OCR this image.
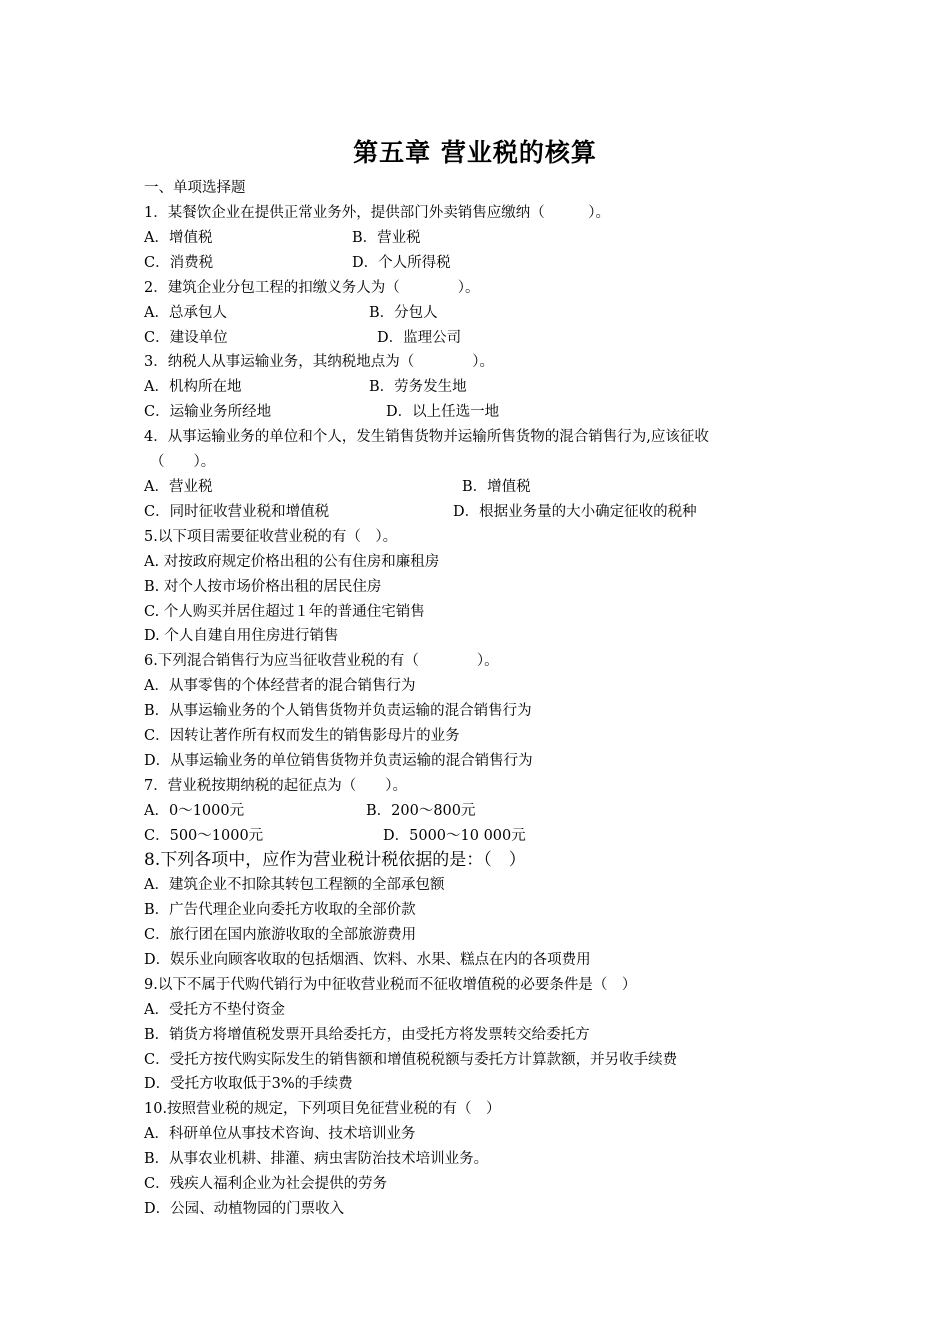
第五章 营业税的核算
一、单项选择题
1．某餐饮企业在提供正常业务外，提供部门外卖销售应缴纳（　　　）。
A．增值税	B．营业税
C．消费税	D．个人所得税
2．建筑企业分包工程的扣缴义务人为（　　　　）。
A．总承包人	B．分包人
C．建设单位	D．监理公司
3．纳税人从事运输业务，其纳税地点为（　　　　）。
A．机构所在地	B．劳务发生地
C．运输业务所经地	D．以上任选一地
4．从事运输业务的单位和个人，发生销售货物并运输所售货物的混合销售行为,应该征收
（　　）。
A．营业税	B．增值税
C．同时征收营业税和增值税	D．根据业务量的大小确定征收的税种
5.以下项目需要征收营业税的有（　）。
A. 对按政府规定价格出租的公有住房和廉租房
B. 对个人按市场价格出租的居民住房
C. 个人购买并居住超过１年的普通住宅销售
D. 个人自建自用住房进行销售
6.下列混合销售行为应当征收营业税的有（　　　　）。
A．从事零售的个体经营者的混合销售行为
B．从事运输业务的个人销售货物并负责运输的混合销售行为
C．因转让著作所有权而发生的销售影母片的业务
D．从事运输业务的单位销售货物并负责运输的混合销售行为
7．营业税按期纳税的起征点为（　　）。
A．0～1000元	B．200～800元
C．500～1000元	D．5000～10 000元
8.下列各项中，应作为营业税计税依据的是：（　）
A．建筑企业不扣除其转包工程额的全部承包额
B．广告代理企业向委托方收取的全部价款
C．旅行团在国内旅游收取的全部旅游费用
D．娱乐业向顾客收取的包括烟酒、饮料、水果、糕点在内的各项费用
9.以下不属于代购代销行为中征收营业税而不征收增值税的必要条件是（　）
A．受托方不垫付资金
B．销货方将增值税发票开具给委托方，由受托方将发票转交给委托方
C．受托方按代购实际发生的销售额和增值税税额与委托方计算款额，并另收手续费
D．受托方收取低于3%的手续费
10.按照营业税的规定，下列项目免征营业税的有（　）
A．科研单位从事技术咨询、技术培训业务
B．从事农业机耕、排灌、病虫害防治技术培训业务。
C．残疾人福利企业为社会提供的劳务
D．公园、动植物园的门票收入
